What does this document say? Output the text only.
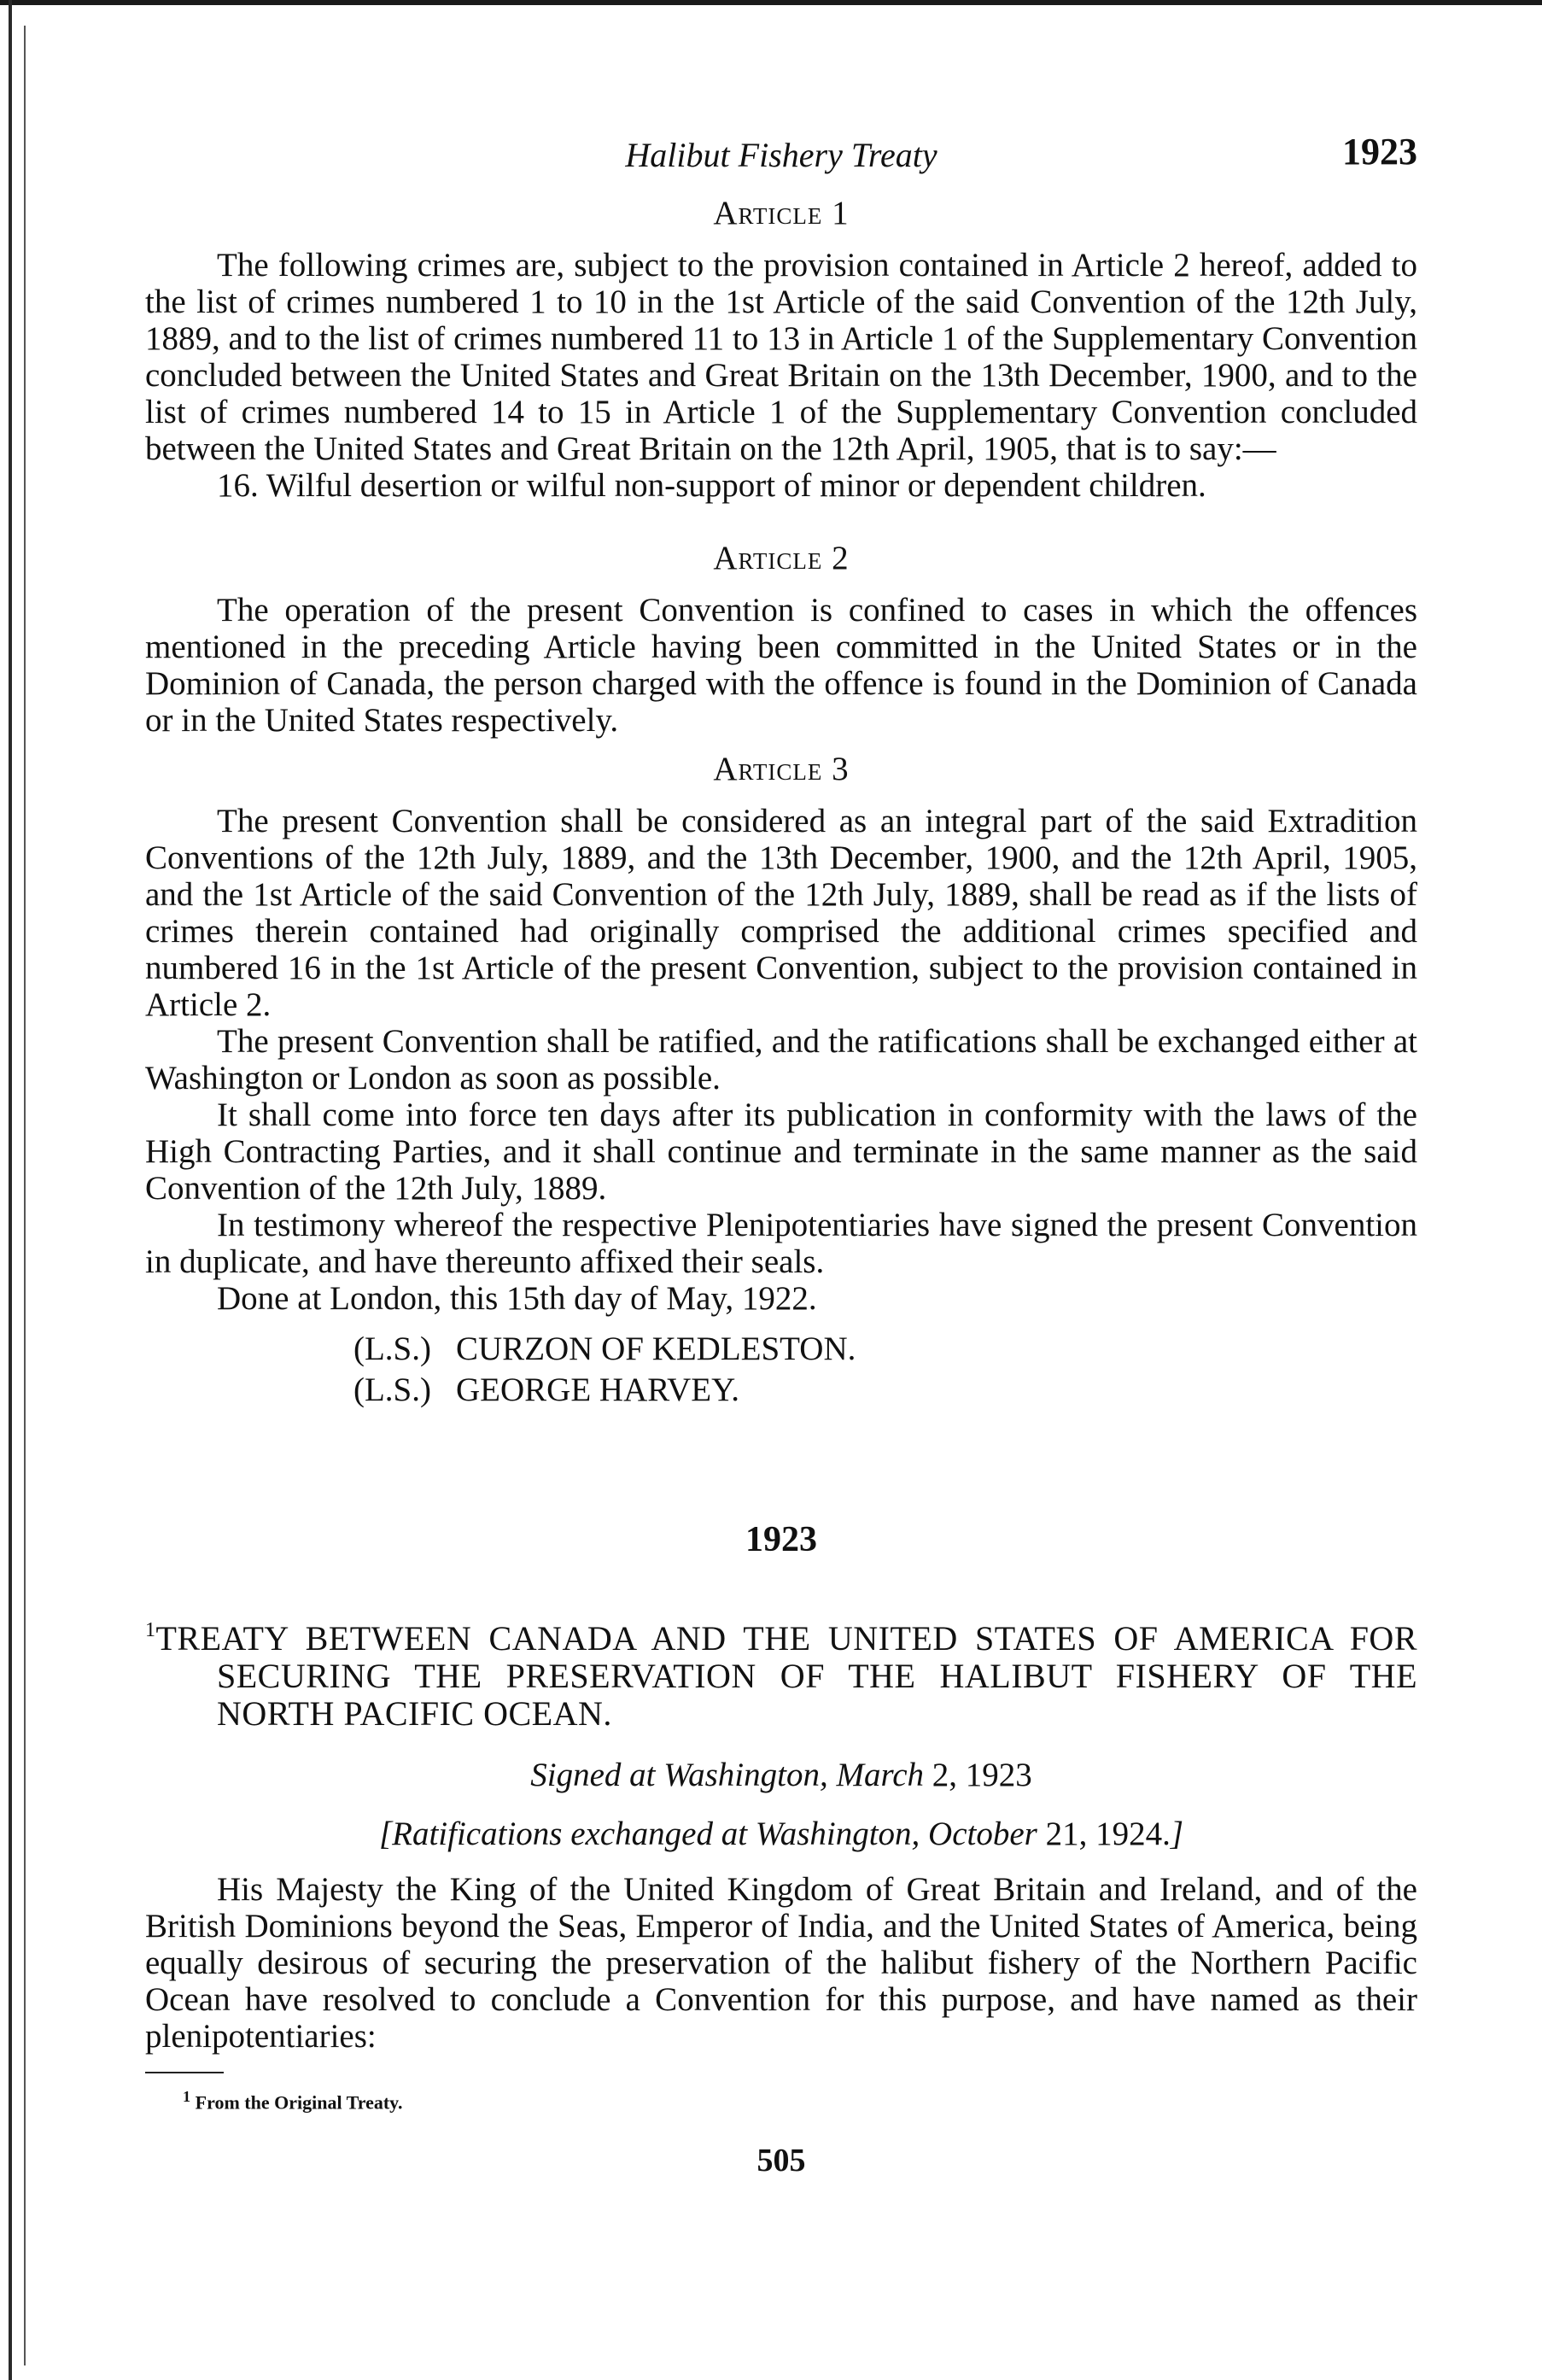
Halibut Fishery Treaty	1923
Article 1

The following crimes are, subject to the provision contained in Article 2 hereof, added to the list of crimes numbered 1 to 10 in the 1st Article of the said Convention of the 12th July, 1889, and to the list of crimes numbered 11 to 13 in Article 1 of the Supplementary Convention concluded between the United States and Great Britain on the 13th December, 1900, and to the list of crimes numbered 14 to 15 in Article 1 of the Supplementary Convention concluded between the United States and Great Britain on the 12th April, 1905, that is to say:—

16. Wilful desertion or wilful non-support of minor or dependent children.

Article 2

The operation of the present Convention is confined to cases in which the offences mentioned in the preceding Article having been committed in the United States or in the Dominion of Canada, the person charged with the offence is found in the Dominion of Canada or in the United States respectively.

Article 3

The present Convention shall be considered as an integral part of the said Extradition Conventions of the 12th July, 1889, and the 13th December, 1900, and the 12th April, 1905, and the 1st Article of the said Convention of the 12th July, 1889, shall be read as if the lists of crimes therein contained had originally comprised the additional crimes specified and numbered 16 in the 1st Article of the present Convention, subject to the provision contained in Article 2.

The present Convention shall be ratified, and the ratifications shall be exchanged either at Washington or London as soon as possible.

It shall come into force ten days after its publication in conformity with the laws of the High Contracting Parties, and it shall continue and terminate in the same manner as the said Convention of the 12th July, 1889.

In testimony whereof the respective Plenipotentiaries have signed the present Convention in duplicate, and have thereunto affixed their seals.

Done at London, this 15th day of May, 1922.

(L.S.) CURZON OF KEDLESTON.
(L.S.) GEORGE HARVEY.
1923
$^1$TREATY BETWEEN CANADA AND THE UNITED STATES OF AMERICA FOR SECURING THE PRESERVATION OF THE HALIBUT FISHERY OF THE NORTH PACIFIC OCEAN.
Signed at Washington, March 2, 1923
[Ratifications exchanged at Washington, October 21, 1924.]

His Majesty the King of the United Kingdom of Great Britain and Ireland, and of the British Dominions beyond the Seas, Emperor of India, and the United States of America, being equally desirous of securing the preservation of the halibut fishery of the Northern Pacific Ocean have resolved to conclude a Convention for this purpose, and have named as their plenipotentiaries:

$^1$ From the Original Treaty.
505
